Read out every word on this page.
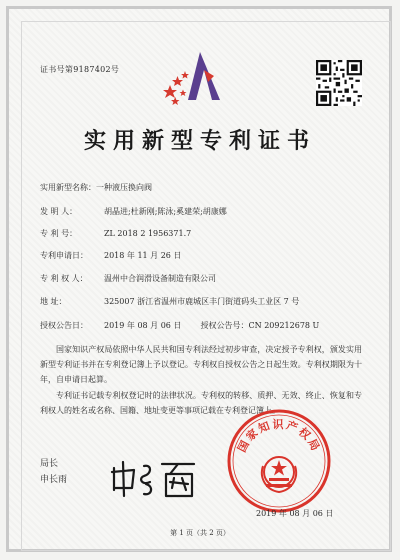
证书号第9187402号
实用新型专利证书
实用新型名称：一种液压换向阀
发 明 人：	胡晶进;杜新刚;陈泳;奚建荣;胡康娜
专 利 号：	ZL 2018 2 1956371.7
专利申请日： 2018 年 11 月 26 日
专 利 权 人： 温州中合润滑设备制造有限公司
地 址：	325007 浙江省温州市鹿城区丰门街道码头工业区 7 号
授权公告日： 2019 年 08 月 06 日 授权公告号：CN 209212678 U
国家知识产权局依照中华人民共和国专利法经过初步审查，决定授予专利权，颁发实用新型专利证书并在专利登记簿上予以登记。专利权自授权公告之日起生效。专利权期限为十年，自申请日起算。
专利证书记载专利权登记时的法律状况。专利权的转移、质押、无效、终止、恢复和专利权人的姓名或名称、国籍、地址变更等事项记载在专利登记簿上。
局长
申长雨
国家知识产权局
2019 年 08 月 06 日
第 1 页（共 2 页）
